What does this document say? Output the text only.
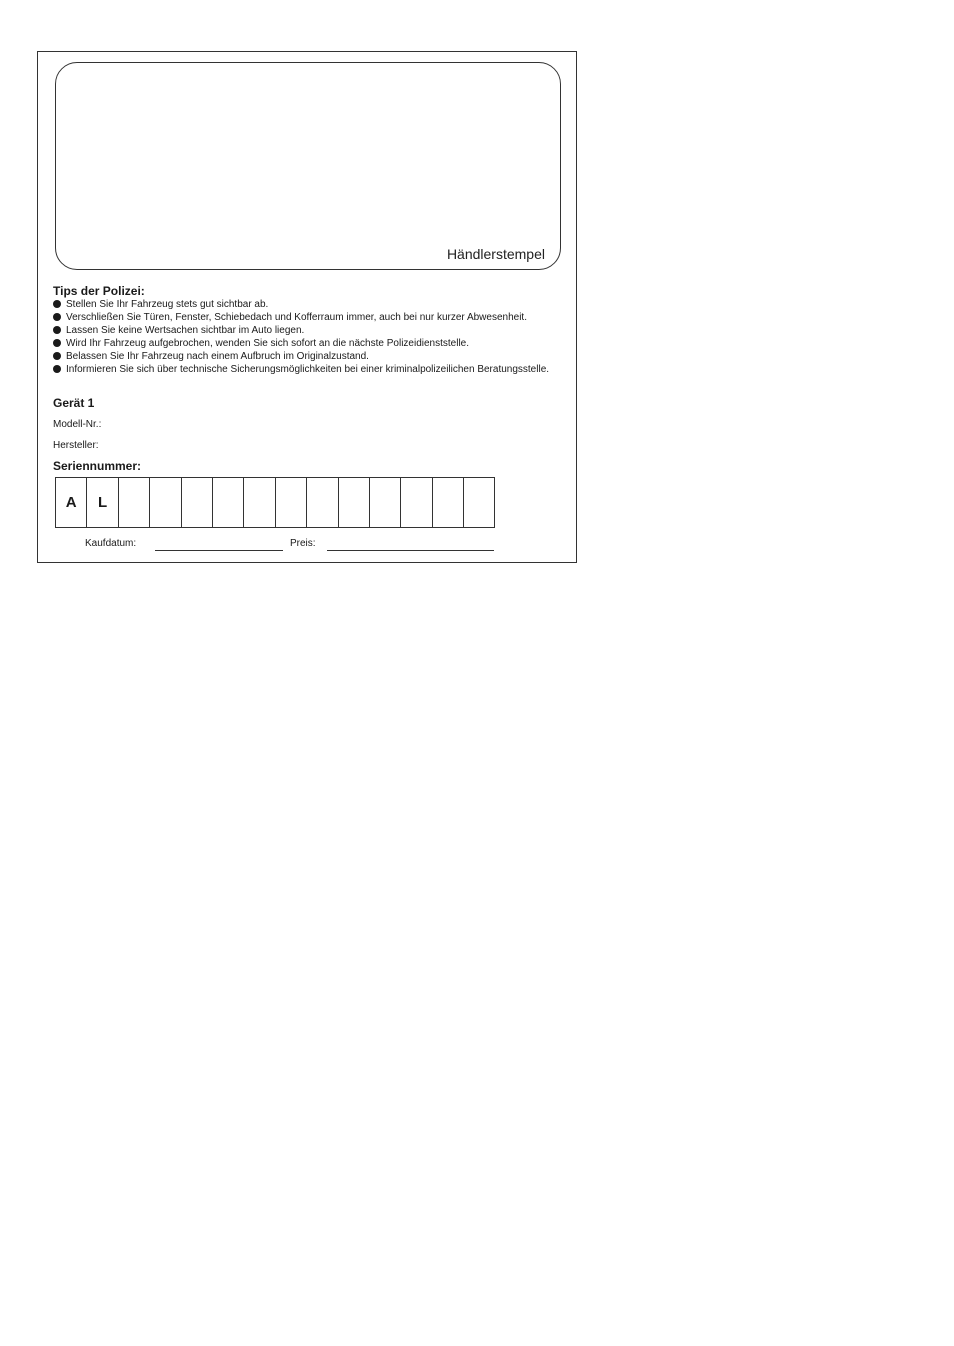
Händlerstempel
Tips der Polizei:
Stellen Sie Ihr Fahrzeug stets gut sichtbar ab.
Verschließen Sie Türen, Fenster, Schiebedach und Kofferraum immer, auch bei nur kurzer Abwesenheit.
Lassen Sie keine Wertsachen sichtbar im Auto liegen.
Wird Ihr Fahrzeug aufgebrochen, wenden Sie sich sofort an die nächste Polizeidienststelle.
Belassen Sie Ihr Fahrzeug nach einem Aufbruch im Originalzustand.
Informieren Sie sich über technische Sicherungsmöglichkeiten bei einer kriminalpolizeilichen Beratungsstelle.
Gerät 1
Modell-Nr.:
Hersteller:
Seriennummer:
A	L
Kaufdatum:	Preis:
